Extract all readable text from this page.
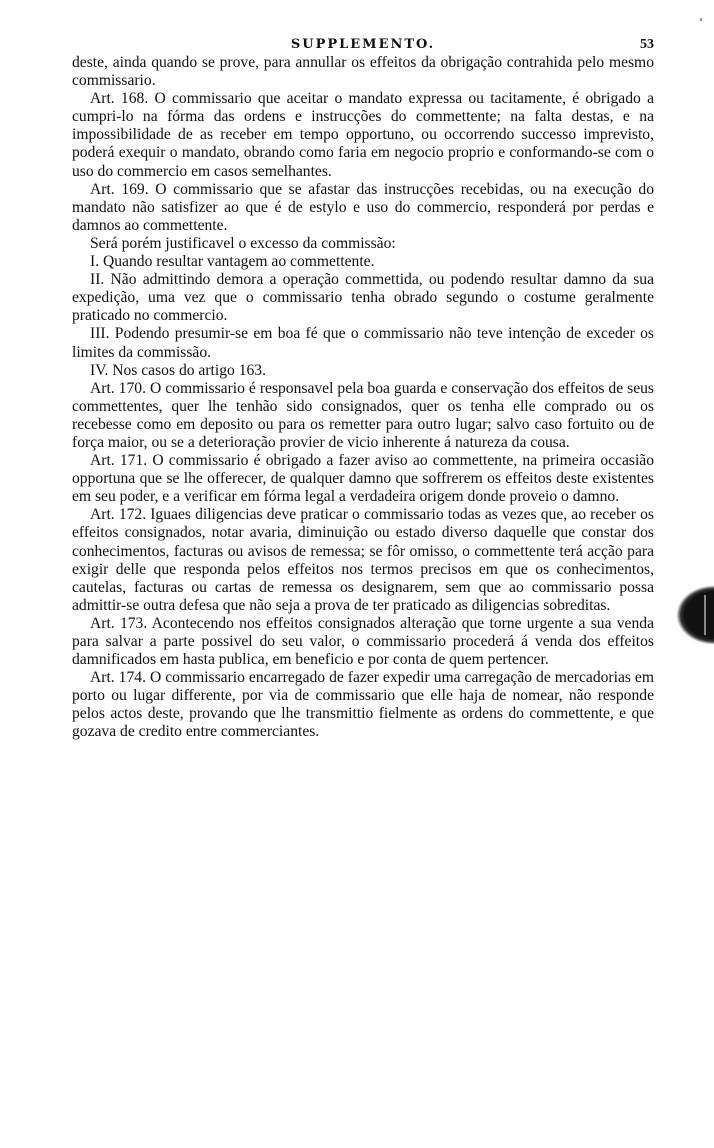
SUPPLEMENTO.	53

deste, ainda quando se prove, para annullar os effeitos da obrigação contrahida pelo mesmo commissario.

Art. 168. O commissario que aceitar o mandato expressa ou tacitamente, é obrigado a cumpri-lo na fórma das ordens e instrucções do commettente; na falta destas, e na impossibilidade de as receber em tempo opportuno, ou occorrendo successo imprevisto, poderá exequir o mandato, obrando como faria em negocio proprio e conformando-se com o uso do commercio em casos semelhantes.

Art. 169. O commissario que se afastar das instrucções recebidas, ou na execução do mandato não satisfizer ao que é de estylo e uso do commercio, responderá por perdas e damnos ao commettente.

Será porém justificavel o excesso da commissão:

I. Quando resultar vantagem ao commettente.

II. Não admittindo demora a operação commettida, ou podendo resultar damno da sua expedição, uma vez que o commissario tenha obrado segundo o costume geralmente praticado no commercio.

III. Podendo presumir-se em boa fé que o commissario não teve intenção de exceder os limites da commissão.

IV. Nos casos do artigo 163.

Art. 170. O commissario é responsavel pela boa guarda e conservação dos effeitos de seus commettentes, quer lhe tenhão sido consignados, quer os tenha elle comprado ou os recebesse como em deposito ou para os remetter para outro lugar; salvo caso fortuito ou de força maior, ou se a deterioração provier de vicio inherente á natureza da cousa.

Art. 171. O commissario é obrigado a fazer aviso ao commettente, na primeira occasião opportuna que se lhe offerecer, de qualquer damno que soffrerem os effeitos deste existentes em seu poder, e a verificar em fórma legal a verdadeira origem donde proveio o damno.

Art. 172. Iguaes diligencias deve praticar o commissario todas as vezes que, ao receber os effeitos consignados, notar avaria, diminuição ou estado diverso daquelle que constar dos conhecimentos, facturas ou avisos de remessa; se fôr omisso, o commettente terá acção para exigir delle que responda pelos effeitos nos termos precisos em que os conhecimentos, cautelas, facturas ou cartas de remessa os designarem, sem que ao commissario possa admittir-se outra defesa que não seja a prova de ter praticado as diligencias sobreditas.

Art. 173. Acontecendo nos effeitos consignados alteração que torne urgente a sua venda para salvar a parte possivel do seu valor, o commissario procederá á venda dos effeitos damnificados em hasta publica, em beneficio e por conta de quem pertencer.

Art. 174. O commissario encarregado de fazer expedir uma carregação de mercadorias em porto ou lugar differente, por via de commissario que elle haja de nomear, não responde pelos actos deste, provando que lhe transmittio fielmente as ordens do commettente, e que gozava de credito entre commerciantes.
